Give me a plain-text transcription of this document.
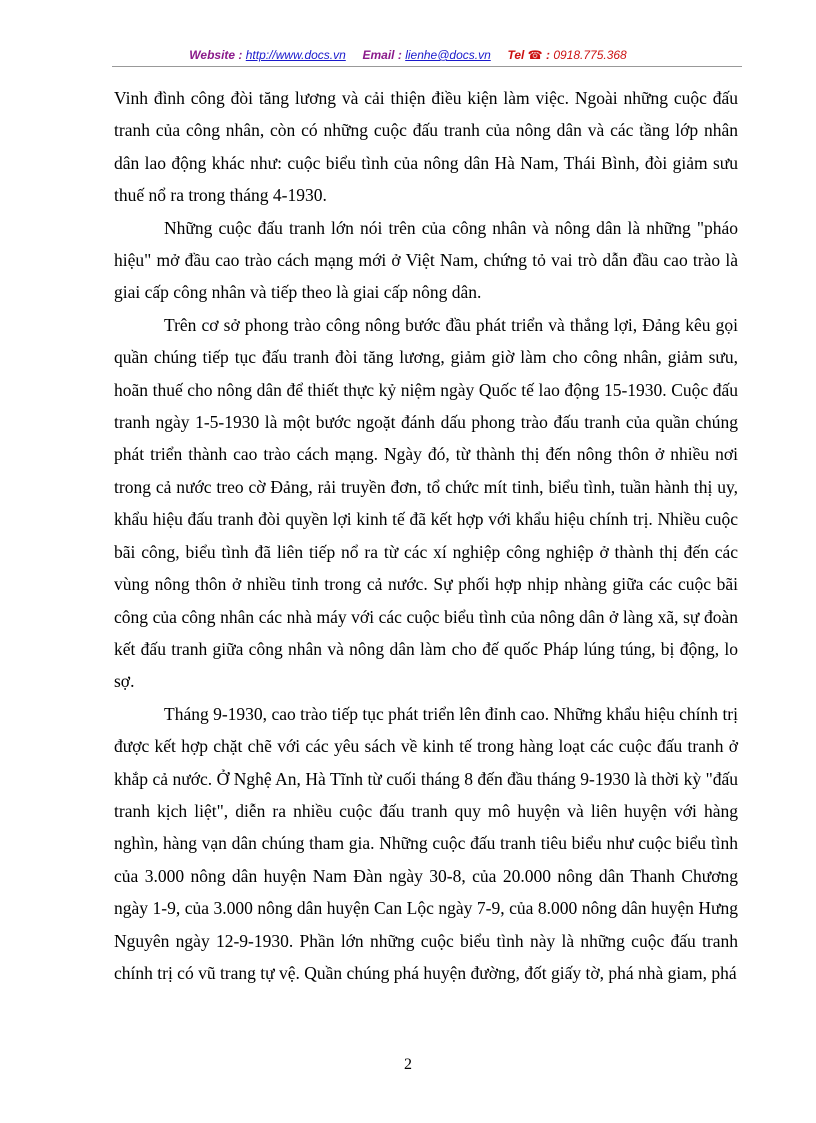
Website : http://www.docs.vn Email : lienhe@docs.vn Tel ☎ : 0918.775.368

Vinh đình công đòi tăng lương và cải thiện điều kiện làm việc. Ngoài những cuộc đấu tranh của công nhân, còn có những cuộc đấu tranh của nông dân và các tầng lớp nhân dân lao động khác như: cuộc biểu tình của nông dân Hà Nam, Thái Bình, đòi giảm sưu thuế nổ ra trong tháng 4-1930.

Những cuộc đấu tranh lớn nói trên của công nhân và nông dân là những "pháo hiệu" mở đầu cao trào cách mạng mới ở Việt Nam, chứng tỏ vai trò dẫn đầu cao trào là giai cấp công nhân và tiếp theo là giai cấp nông dân.

Trên cơ sở phong trào công nông bước đầu phát triển và thắng lợi, Đảng kêu gọi quần chúng tiếp tục đấu tranh đòi tăng lương, giảm giờ làm cho công nhân, giảm sưu, hoãn thuế cho nông dân để thiết thực kỷ niệm ngày Quốc tế lao động 15-1930. Cuộc đấu tranh ngày 1-5-1930 là một bước ngoặt đánh dấu phong trào đấu tranh của quần chúng phát triển thành cao trào cách mạng. Ngày đó, từ thành thị đến nông thôn ở nhiều nơi trong cả nước treo cờ Đảng, rải truyền đơn, tổ chức mít tinh, biểu tình, tuần hành thị uy, khẩu hiệu đấu tranh đòi quyền lợi kinh tế đã kết hợp với khẩu hiệu chính trị. Nhiều cuộc bãi công, biểu tình đã liên tiếp nổ ra từ các xí nghiệp công nghiệp ở thành thị đến các vùng nông thôn ở nhiều tỉnh trong cả nước. Sự phối hợp nhịp nhàng giữa các cuộc bãi công của công nhân các nhà máy với các cuộc biểu tình của nông dân ở làng xã, sự đoàn kết đấu tranh giữa công nhân và nông dân làm cho đế quốc Pháp lúng túng, bị động, lo sợ.

Tháng 9-1930, cao trào tiếp tục phát triển lên đỉnh cao. Những khẩu hiệu chính trị được kết hợp chặt chẽ với các yêu sách về kinh tế trong hàng loạt các cuộc đấu tranh ở khắp cả nước. Ở Nghệ An, Hà Tĩnh từ cuối tháng 8 đến đầu tháng 9-1930 là thời kỳ "đấu tranh kịch liệt", diễn ra nhiều cuộc đấu tranh quy mô huyện và liên huyện với hàng nghìn, hàng vạn dân chúng tham gia. Những cuộc đấu tranh tiêu biểu như cuộc biểu tình của 3.000 nông dân huyện Nam Đàn ngày 30-8, của 20.000 nông dân Thanh Chương ngày 1-9, của 3.000 nông dân huyện Can Lộc ngày 7-9, của 8.000 nông dân huyện Hưng Nguyên ngày 12-9-1930. Phần lớn những cuộc biểu tình này là những cuộc đấu tranh chính trị có vũ trang tự vệ. Quần chúng phá huyện đường, đốt giấy tờ, phá nhà giam, phá

2
